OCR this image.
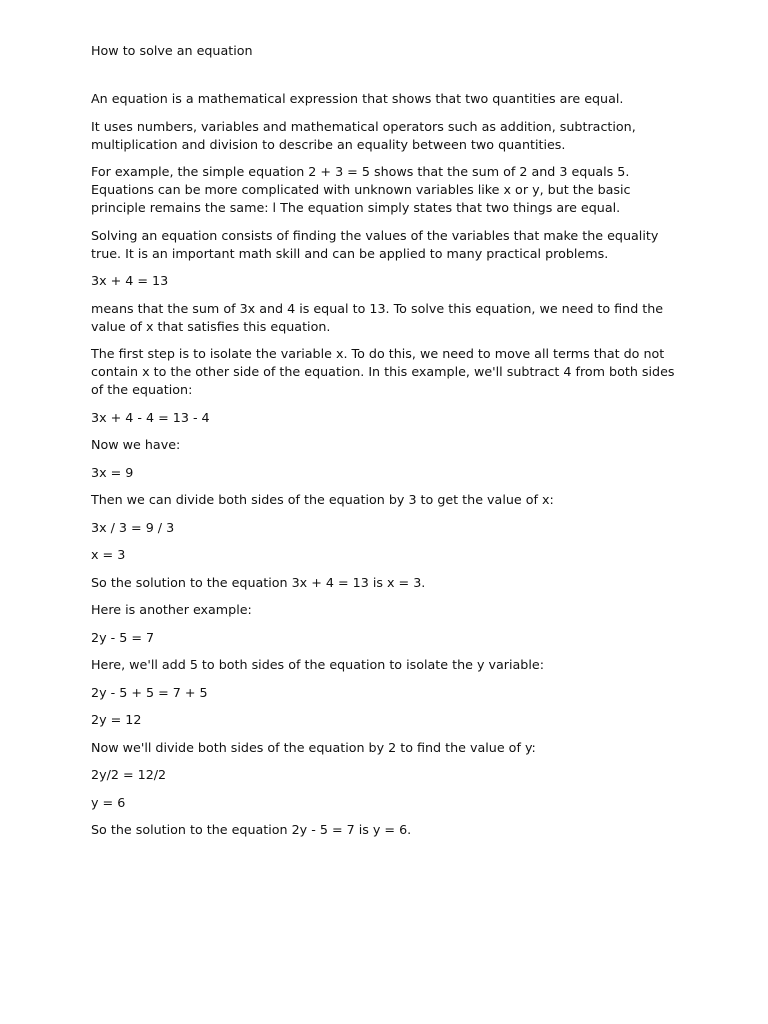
How to solve an equation

An equation is a mathematical expression that shows that two quantities are equal.

It uses numbers, variables and mathematical operators such as addition, subtraction, multiplication and division to describe an equality between two quantities.

For example, the simple equation 2 + 3 = 5 shows that the sum of 2 and 3 equals 5. Equations can be more complicated with unknown variables like x or y, but the basic principle remains the same: l The equation simply states that two things are equal.

Solving an equation consists of finding the values of the variables that make the equality true. It is an important math skill and can be applied to many practical problems.

3x + 4 = 13

means that the sum of 3x and 4 is equal to 13. To solve this equation, we need to find the value of x that satisfies this equation.

The first step is to isolate the variable x. To do this, we need to move all terms that do not contain x to the other side of the equation. In this example, we'll subtract 4 from both sides of the equation:

3x + 4 - 4 = 13 - 4

Now we have:

3x = 9

Then we can divide both sides of the equation by 3 to get the value of x:

3x / 3 = 9 / 3

x = 3

So the solution to the equation 3x + 4 = 13 is x = 3.

Here is another example:

2y - 5 = 7

Here, we'll add 5 to both sides of the equation to isolate the y variable:

2y - 5 + 5 = 7 + 5

2y = 12

Now we'll divide both sides of the equation by 2 to find the value of y:

2y/2 = 12/2

y = 6

So the solution to the equation 2y - 5 = 7 is y = 6.
